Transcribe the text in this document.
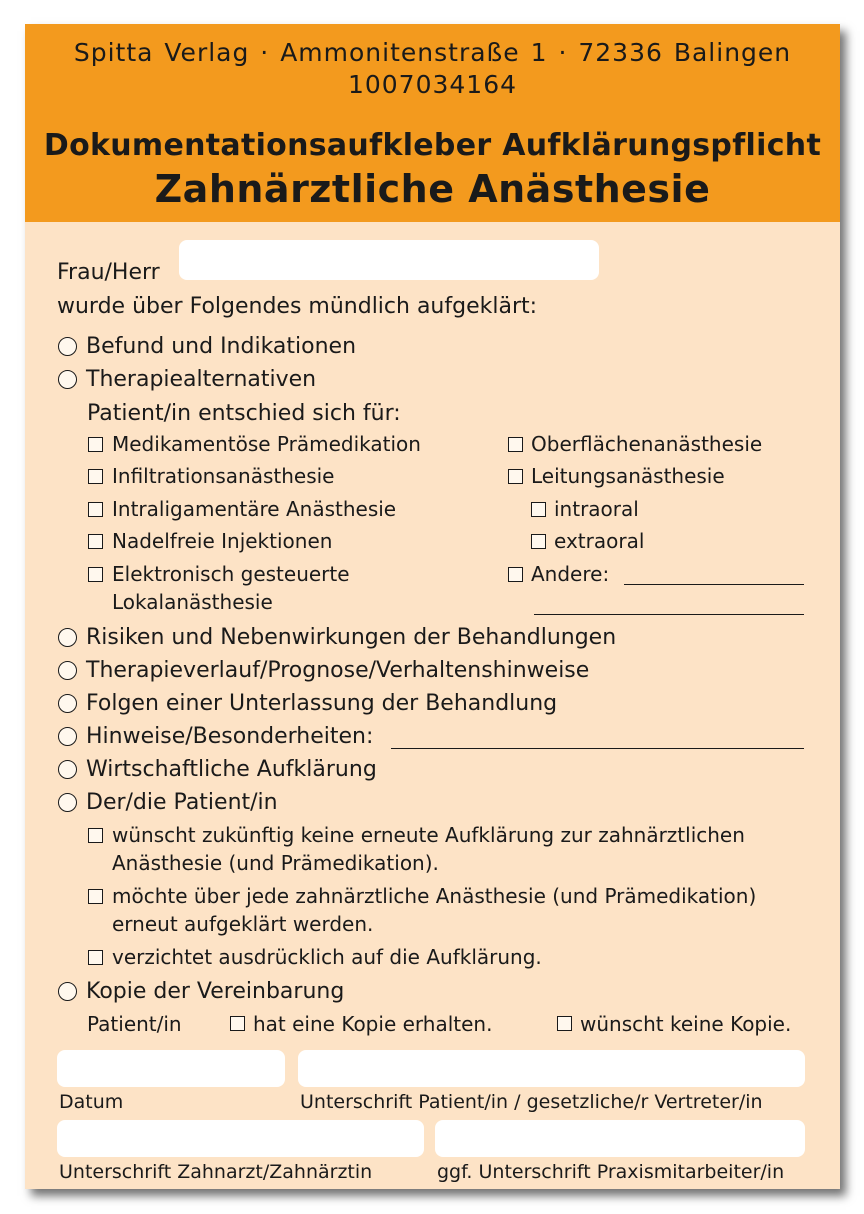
Spitta Verlag · Ammonitenstraße 1 · 72336 Balingen
1007034164
Dokumentationsaufkleber Aufklärungspflicht
Zahnärztliche Anästhesie
Frau/Herr
wurde über Folgendes mündlich aufgeklärt:
Befund und Indikationen
Therapiealternativen
Patient/in entschied sich für:
Medikamentöse Prämedikation
Infiltrationsanästhesie
Intraligamentäre Anästhesie
Nadelfreie Injektionen
Elektronisch gesteuerte
Lokalanästhesie
Oberflächenanästhesie
Leitungsanästhesie
intraoral
extraoral
Andere:
Risiken und Nebenwirkungen der Behandlungen
Therapieverlauf/Prognose/Verhaltenshinweise
Folgen einer Unterlassung der Behandlung
Hinweise/Besonderheiten:
Wirtschaftliche Aufklärung
Der/die Patient/in
wünscht zukünftig keine erneute Aufklärung zur zahnärztlichen
Anästhesie (und Prämedikation).
möchte über jede zahnärztliche Anästhesie (und Prämedikation)
erneut aufgeklärt werden.
verzichtet ausdrücklich auf die Aufklärung.
Kopie der Vereinbarung
Patient/in	hat eine Kopie erhalten.	wünscht keine Kopie.
Datum	Unterschrift Patient/in / gesetzliche/r Vertreter/in
Unterschrift Zahnarzt/Zahnärztin	ggf. Unterschrift Praxismitarbeiter/in
